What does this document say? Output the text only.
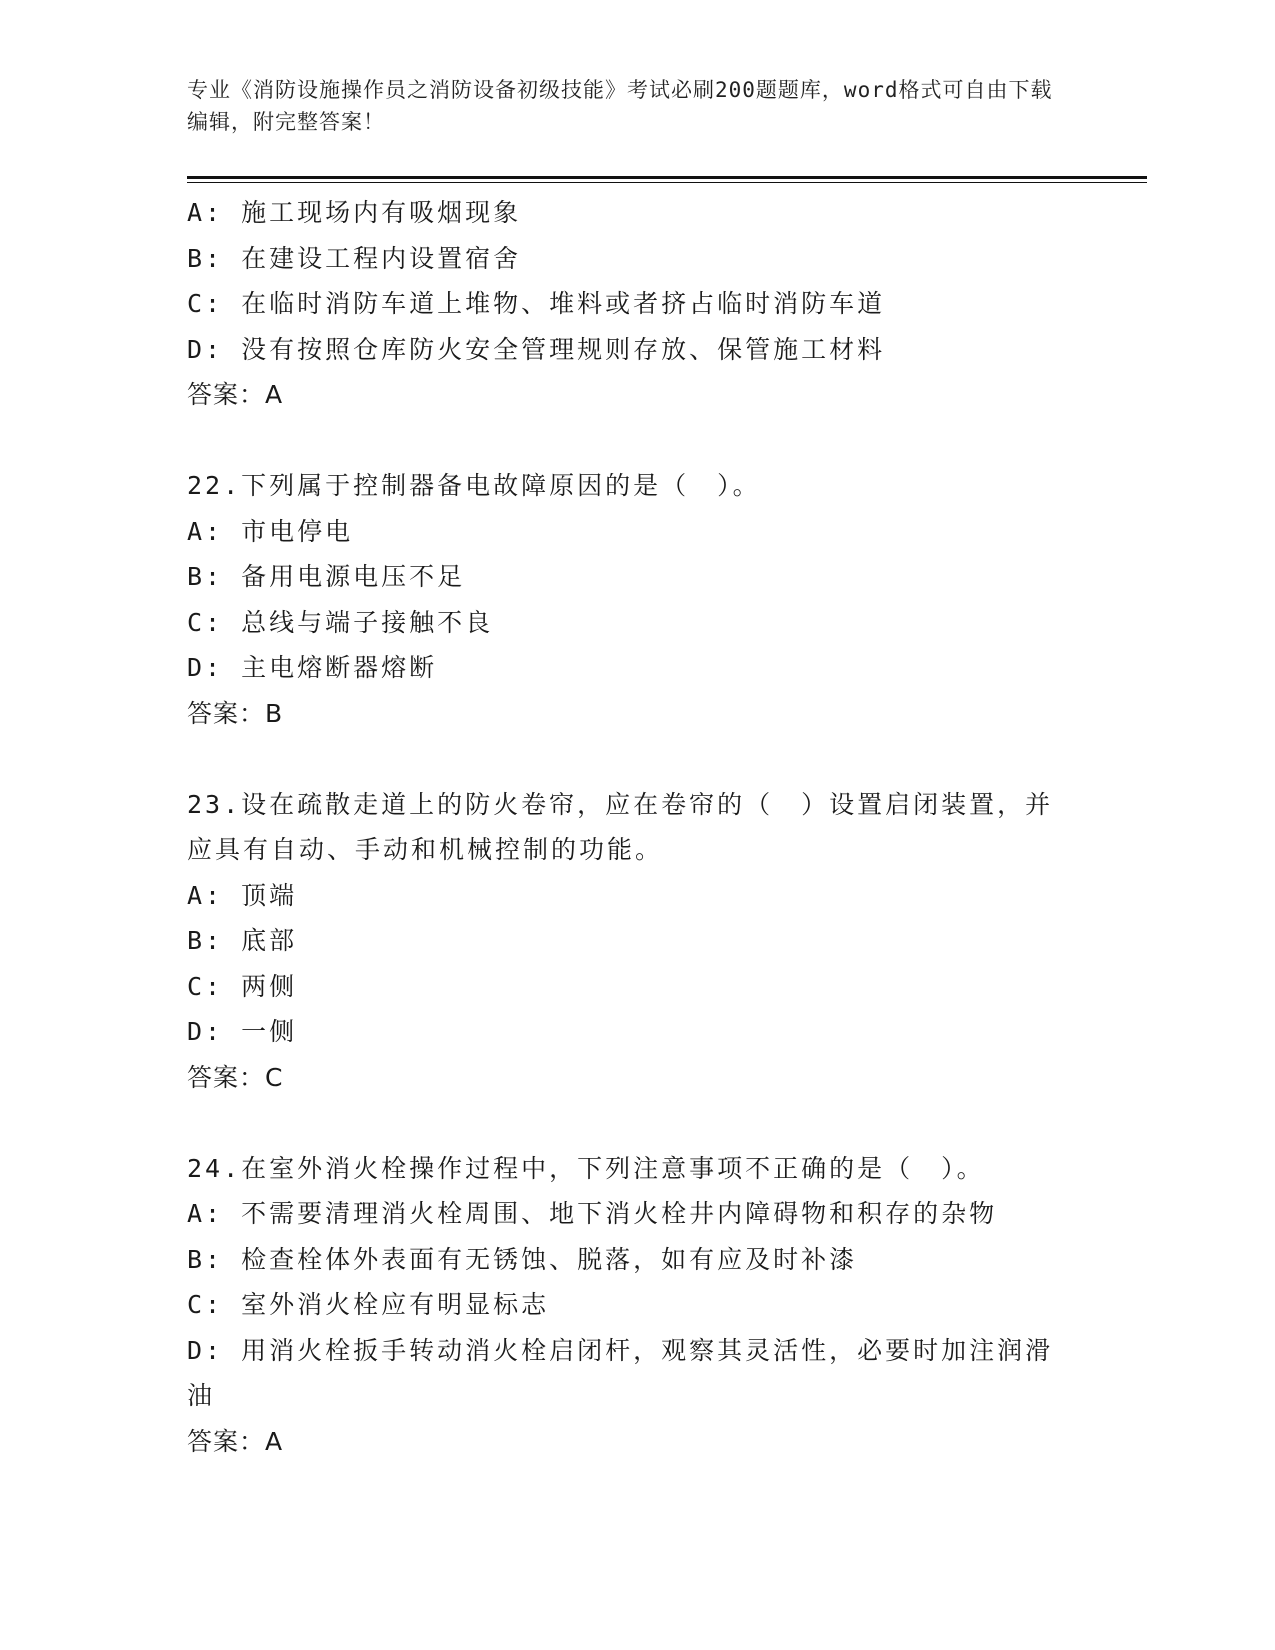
专业《消防设施操作员之消防设备初级技能》考试必刷200题题库，word格式可自由下载编辑，附完整答案！
A: 施工现场内有吸烟现象
B: 在建设工程内设置宿舍
C: 在临时消防车道上堆物、堆料或者挤占临时消防车道
D: 没有按照仓库防火安全管理规则存放、保管施工材料
答案：A
22.下列属于控制器备电故障原因的是（　）。
A: 市电停电
B: 备用电源电压不足
C: 总线与端子接触不良
D: 主电熔断器熔断
答案：B
23.设在疏散走道上的防火卷帘，应在卷帘的（　）设置启闭装置，并应具有自动、手动和机械控制的功能。
A: 顶端
B: 底部
C: 两侧
D: 一侧
答案：C
24.在室外消火栓操作过程中，下列注意事项不正确的是（　）。
A: 不需要清理消火栓周围、地下消火栓井内障碍物和积存的杂物
B: 检查栓体外表面有无锈蚀、脱落，如有应及时补漆
C: 室外消火栓应有明显标志
D: 用消火栓扳手转动消火栓启闭杆，观察其灵活性，必要时加注润滑油
答案：A
